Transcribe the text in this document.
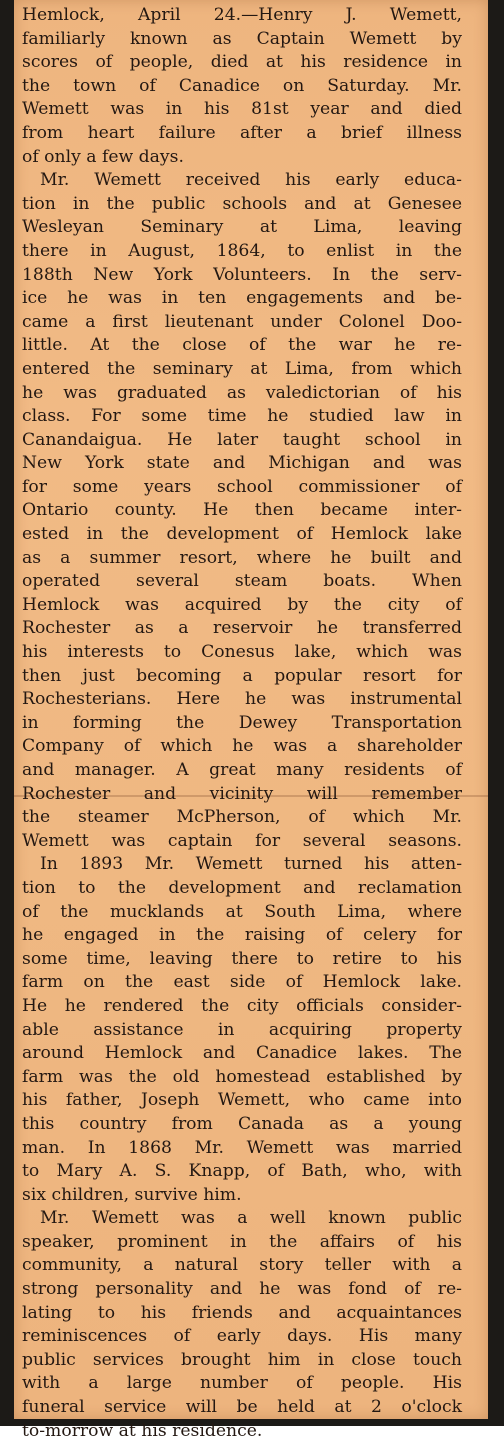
Hemlock, April 24.—Henry J. Wemett,
familiarly known as Captain Wemett by
scores of people, died at his residence in
the town of Canadice on Saturday. Mr.
Wemett was in his 81st year and died
from heart failure after a brief illness
of only a few days.

Mr. Wemett received his early educa-
tion in the public schools and at Genesee
Wesleyan Seminary at Lima, leaving
there in August, 1864, to enlist in the
188th New York Volunteers. In the serv-
ice he was in ten engagements and be-
came a first lieutenant under Colonel Doo-
little. At the close of the war he re-
entered the seminary at Lima, from which
he was graduated as valedictorian of his
class. For some time he studied law in
Canandaigua. He later taught school in
New York state and Michigan and was
for some years school commissioner of
Ontario county. He then became inter-
ested in the development of Hemlock lake
as a summer resort, where he built and
operated several steam boats. When
Hemlock was acquired by the city of
Rochester as a reservoir he transferred
his interests to Conesus lake, which was
then just becoming a popular resort for
Rochesterians. Here he was instrumental
in forming the Dewey Transportation
Company of which he was a shareholder
and manager. A great many residents of
Rochester and vicinity will remember
the steamer McPherson, of which Mr.
Wemett was captain for several seasons.

In 1893 Mr. Wemett turned his atten-
tion to the development and reclamation
of the mucklands at South Lima, where
he engaged in the raising of celery for
some time, leaving there to retire to his
farm on the east side of Hemlock lake.
He he rendered the city officials consider-
able assistance in acquiring property
around Hemlock and Canadice lakes. The
farm was the old homestead established by
his father, Joseph Wemett, who came into
this country from Canada as a young
man. In 1868 Mr. Wemett was married
to Mary A. S. Knapp, of Bath, who, with
six children, survive him.

Mr. Wemett was a well known public
speaker, prominent in the affairs of his
community, a natural story teller with a
strong personality and he was fond of re-
lating to his friends and acquaintances
reminiscences of early days. His many
public services brought him in close touch
with a large number of people. His
funeral service will be held at 2 o'clock
to-morrow at his residence.
